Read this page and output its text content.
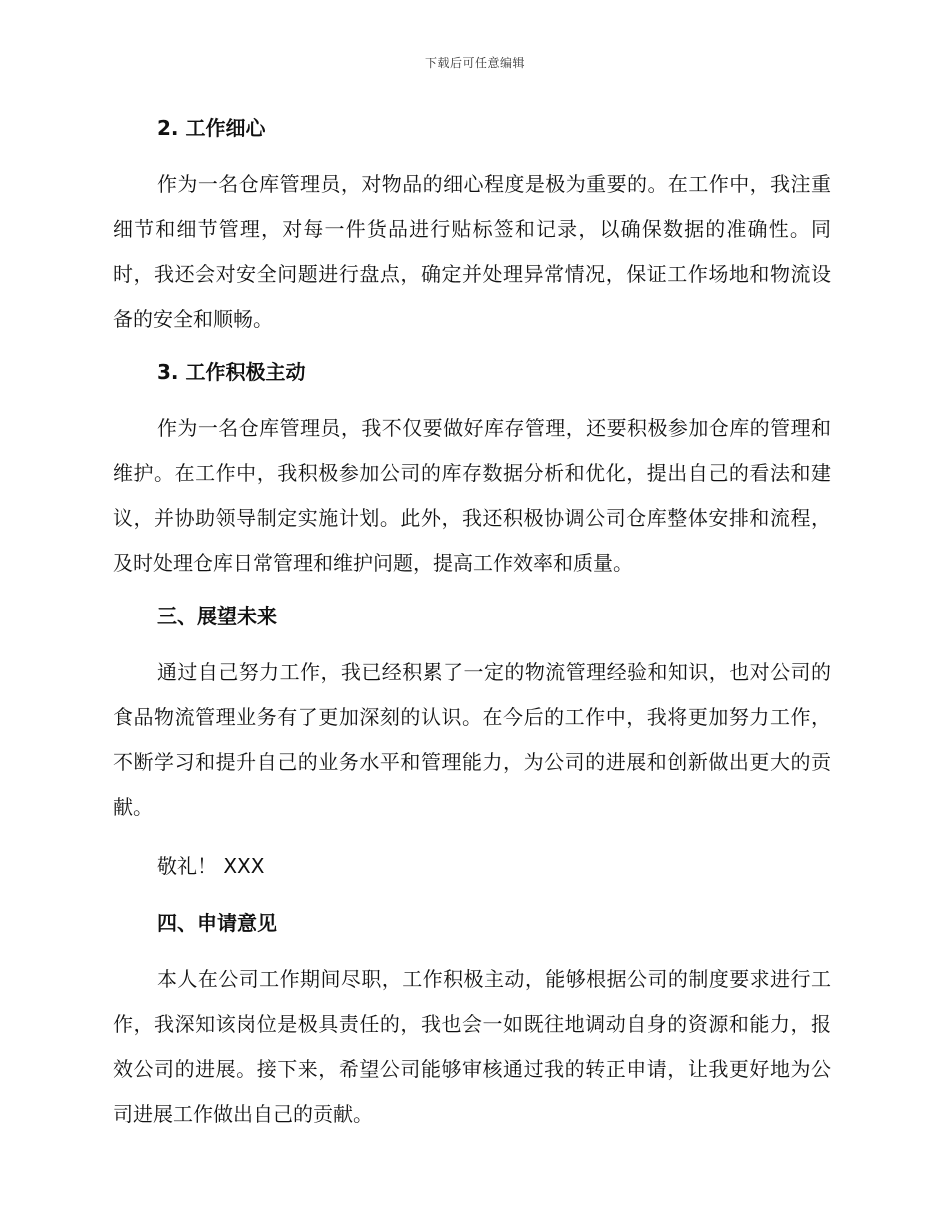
下载后可任意编辑
2. 工作细心

作为一名仓库管理员，对物品的细心程度是极为重要的。在工作中，我注重细节和细节管理，对每一件货品进行贴标签和记录，以确保数据的准确性。同时，我还会对安全问题进行盘点，确定并处理异常情况，保证工作场地和物流设备的安全和顺畅。

3. 工作积极主动

作为一名仓库管理员，我不仅要做好库存管理，还要积极参加仓库的管理和维护。在工作中，我积极参加公司的库存数据分析和优化，提出自己的看法和建议，并协助领导制定实施计划。此外，我还积极协调公司仓库整体安排和流程，及时处理仓库日常管理和维护问题，提高工作效率和质量。

三、展望未来

通过自己努力工作，我已经积累了一定的物流管理经验和知识，也对公司的食品物流管理业务有了更加深刻的认识。在今后的工作中，我将更加努力工作，不断学习和提升自己的业务水平和管理能力，为公司的进展和创新做出更大的贡献。

敬礼！ XXX

四、申请意见

本人在公司工作期间尽职，工作积极主动，能够根据公司的制度要求进行工作，我深知该岗位是极具责任的，我也会一如既往地调动自身的资源和能力，报效公司的进展。接下来，希望公司能够审核通过我的转正申请，让我更好地为公司进展工作做出自己的贡献。
